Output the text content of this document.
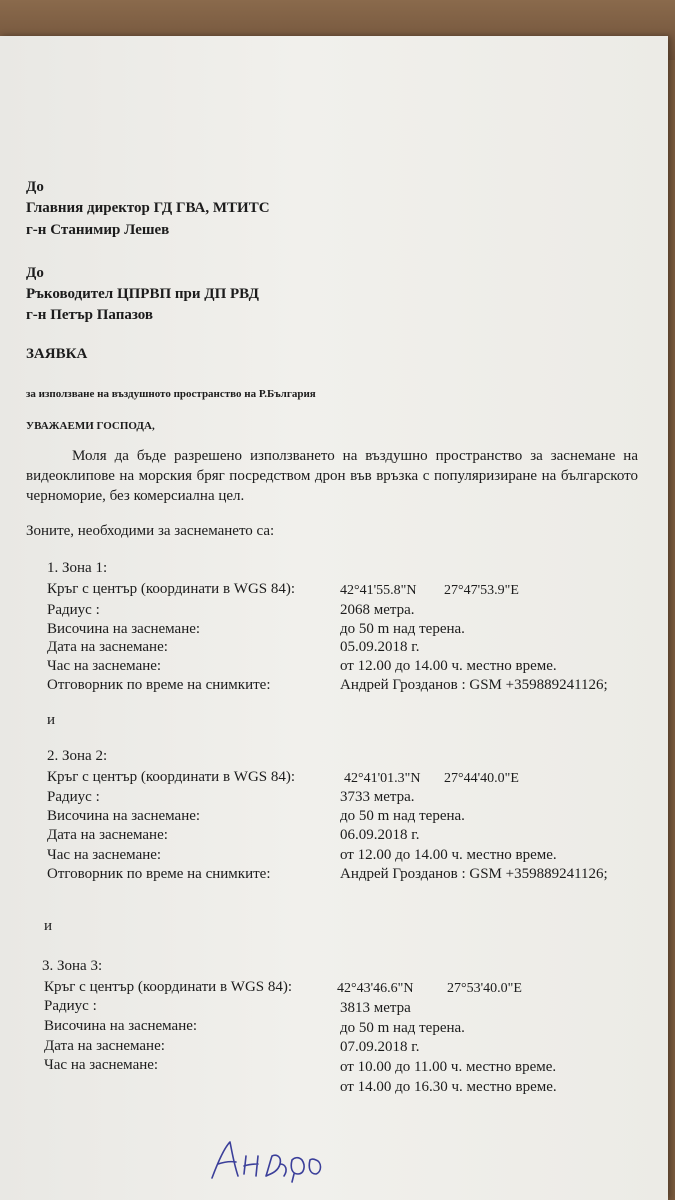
До
Главния директор ГД ГВА, МТИТС
г-н Станимир Лешев
До
Ръководител ЦПРВП при ДП РВД
г-н Петър Папазов
ЗАЯВКА
за използване на въздушното пространство на Р.България
УВАЖАЕМИ ГОСПОДА,
Моля да бъде разрешено използването на въздушно пространство за заснемане на видеоклипове на морския бряг посредством дрон във връзка с популяризиране на българското черноморие, без комерсиална цел.
Зоните, необходими за заснемането са:
1. Зона 1:
Кръг с център (координати в WGS 84):	42°41'55.8"N 27°47'53.9"E
Радиус :	2068 метра.
Височина на заснемане:	до 50 m над терена.
Дата на заснемане:	05.09.2018 г.
Час на заснемане:	от 12.00 до 14.00 ч. местно време.
Отговорник по време на снимките:	Андрей Грозданов : GSM +359889241126;
и
2. Зона 2:
Кръг с център (координати в WGS 84):	42°41'01.3"N 27°44'40.0"E
Радиус :	3733 метра.
Височина на заснемане:	до 50 m над терена.
Дата на заснемане:	06.09.2018 г.
Час на заснемане:	от 12.00 до 14.00 ч. местно време.
Отговорник по време на снимките:	Андрей Грозданов : GSM +359889241126;
и
3. Зона 3:
Кръг с център (координати в WGS 84):	42°43'46.6"N 27°53'40.0"E
Радиус :	3813 метра
Височина на заснемане:	до 50 m над терена.
Дата на заснемане:	07.09.2018 г.
Час на заснемане:	от 10.00 до 11.00 ч. местно време.
от 14.00 до 16.30 ч. местно време.
